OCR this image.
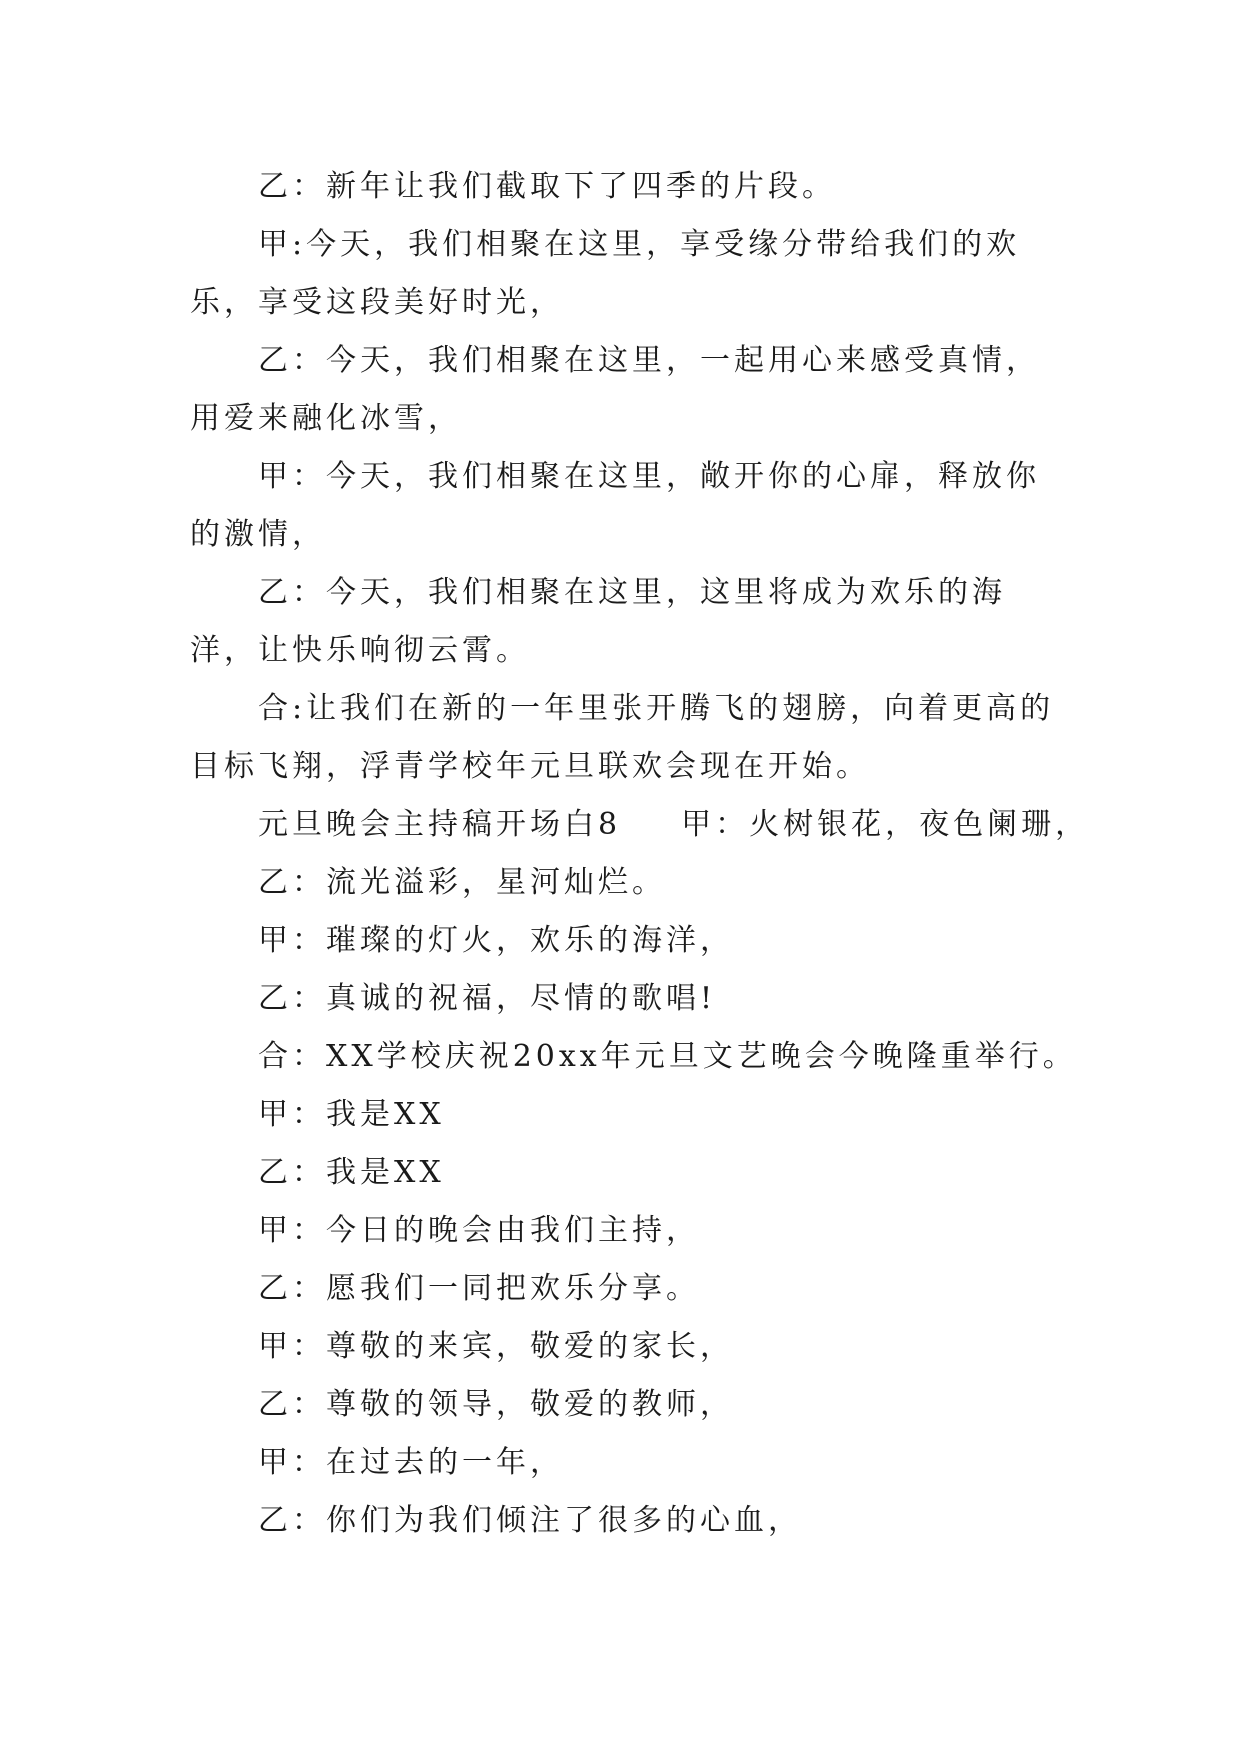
乙：新年让我们截取下了四季的片段。

甲:今天，我们相聚在这里，享受缘分带给我们的欢乐，享受这段美好时光，

乙：今天，我们相聚在这里，一起用心来感受真情，用爱来融化冰雪，

甲：今天，我们相聚在这里，敞开你的心扉，释放你的激情，

乙：今天，我们相聚在这里，这里将成为欢乐的海洋，让快乐响彻云霄。

合:让我们在新的一年里张开腾飞的翅膀，向着更高的目标飞翔，浮青学校年元旦联欢会现在开始。

元旦晚会主持稿开场白8 甲：火树银花，夜色阑珊，

乙：流光溢彩，星河灿烂。

甲：璀璨的灯火，欢乐的海洋，

乙：真诚的祝福，尽情的歌唱!

合：XX学校庆祝20xx年元旦文艺晚会今晚隆重举行。

甲：我是XX

乙：我是XX

甲：今日的晚会由我们主持，

乙：愿我们一同把欢乐分享。

甲：尊敬的来宾，敬爱的家长，

乙：尊敬的领导，敬爱的教师，

甲：在过去的一年，

乙：你们为我们倾注了很多的心血，
